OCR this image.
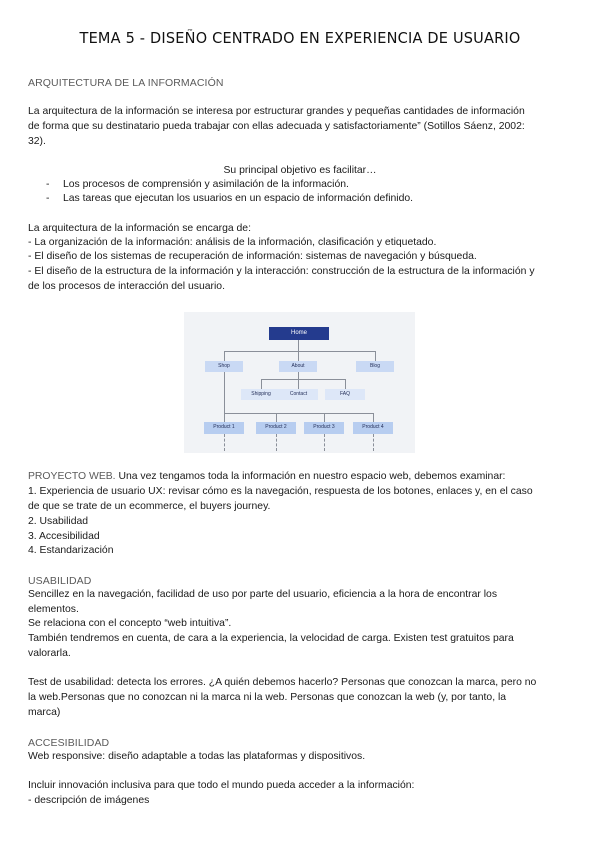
TEMA 5 - DISEÑO CENTRADO EN EXPERIENCIA DE USUARIO
ARQUITECTURA DE LA INFORMACIÓN
La arquitectura de la información se interesa por estructurar grandes y pequeñas cantidades de información
de forma que su destinatario pueda trabajar con ellas adecuada y satisfactoriamente” (Sotillos Sáenz, 2002:
32).
Su principal objetivo es facilitar…
- Los procesos de comprensión y asimilación de la información.
- Las tareas que ejecutan los usuarios en un espacio de información definido.
La arquitectura de la información se encarga de:
- La organización de la información: análisis de la información, clasificación y etiquetado.
- El diseño de los sistemas de recuperación de información: sistemas de navegación y búsqueda.
- El diseño de la estructura de la información y la interacción: construcción de la estructura de la información y
de los procesos de interacción del usuario.
Home
Shop	About	Blog
Shipping	Contact	FAQ
Product 1	Product 2	Product 3	Product 4
PROYECTO WEB. Una vez tengamos toda la información en nuestro espacio web, debemos examinar:
1. Experiencia de usuario UX: revisar cómo es la navegación, respuesta de los botones, enlaces y, en el caso
de que se trate de un ecommerce, el buyers journey.
2. Usabilidad
3. Accesibilidad
4. Estandarización
USABILIDAD
Sencillez en la navegación, facilidad de uso por parte del usuario, eficiencia a la hora de encontrar los
elementos.
Se relaciona con el concepto “web intuitiva”.
También tendremos en cuenta, de cara a la experiencia, la velocidad de carga. Existen test gratuitos para
valorarla.
Test de usabilidad: detecta los errores. ¿A quién debemos hacerlo? Personas que conozcan la marca, pero no
la web.Personas que no conozcan ni la marca ni la web. Personas que conozcan la web (y, por tanto, la
marca)
ACCESIBILIDAD
Web responsive: diseño adaptable a todas las plataformas y dispositivos.
Incluir innovación inclusiva para que todo el mundo pueda acceder a la información:
- descripción de imágenes
